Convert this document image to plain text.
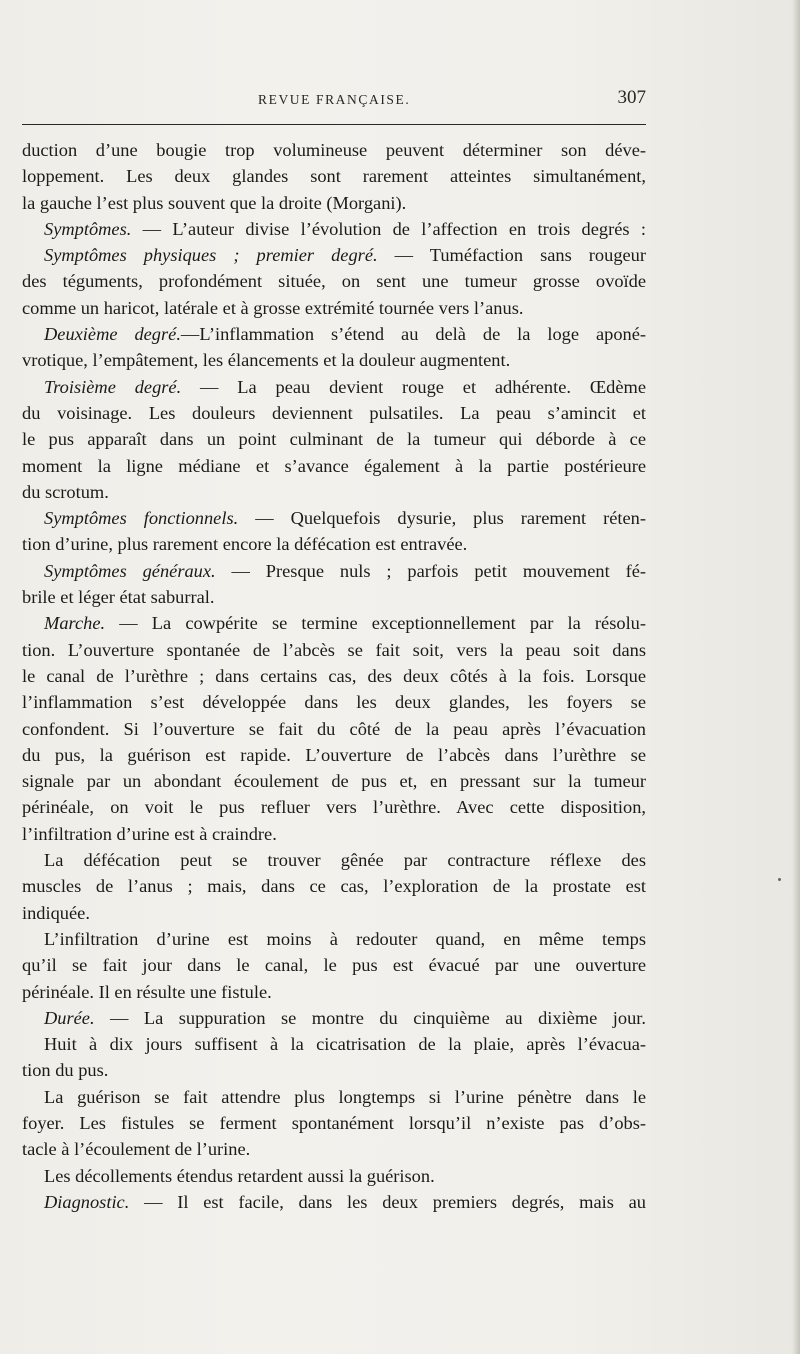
REVUE FRANÇAISE.	307
duction d’une bougie trop volumineuse peuvent déterminer son déve-
loppement. Les deux glandes sont rarement atteintes simultanément,
la gauche l’est plus souvent que la droite (Morgani).
Symptômes. — L’auteur divise l’évolution de l’affection en trois degrés :
Symptômes physiques ; premier degré. — Tuméfaction sans rougeur
des téguments, profondément située, on sent une tumeur grosse ovoïde
comme un haricot, latérale et à grosse extrémité tournée vers l’anus.
Deuxième degré.—L’inflammation s’étend au delà de la loge aponé-
vrotique, l’empâtement, les élancements et la douleur augmentent.
Troisième degré. — La peau devient rouge et adhérente. Œdème
du voisinage. Les douleurs deviennent pulsatiles. La peau s’amincit et
le pus apparaît dans un point culminant de la tumeur qui déborde à ce
moment la ligne médiane et s’avance également à la partie postérieure
du scrotum.
Symptômes fonctionnels. — Quelquefois dysurie, plus rarement réten-
tion d’urine, plus rarement encore la défécation est entravée.
Symptômes généraux. — Presque nuls ; parfois petit mouvement fé-
brile et léger état saburral.
Marche. — La cowpérite se termine exceptionnellement par la résolu-
tion. L’ouverture spontanée de l’abcès se fait soit, vers la peau soit dans
le canal de l’urèthre ; dans certains cas, des deux côtés à la fois. Lorsque
l’inflammation s’est développée dans les deux glandes, les foyers se
confondent. Si l’ouverture se fait du côté de la peau après l’évacuation
du pus, la guérison est rapide. L’ouverture de l’abcès dans l’urèthre se
signale par un abondant écoulement de pus et, en pressant sur la tumeur
périnéale, on voit le pus refluer vers l’urèthre. Avec cette disposition,
l’infiltration d’urine est à craindre.
La défécation peut se trouver gênée par contracture réflexe des
muscles de l’anus ; mais, dans ce cas, l’exploration de la prostate est
indiquée.
L’infiltration d’urine est moins à redouter quand, en même temps
qu’il se fait jour dans le canal, le pus est évacué par une ouverture
périnéale. Il en résulte une fistule.
Durée. — La suppuration se montre du cinquième au dixième jour.
Huit à dix jours suffisent à la cicatrisation de la plaie, après l’évacua-
tion du pus.
La guérison se fait attendre plus longtemps si l’urine pénètre dans le
foyer. Les fistules se ferment spontanément lorsqu’il n’existe pas d’obs-
tacle à l’écoulement de l’urine.
Les décollements étendus retardent aussi la guérison.
Diagnostic. — Il est facile, dans les deux premiers degrés, mais au
